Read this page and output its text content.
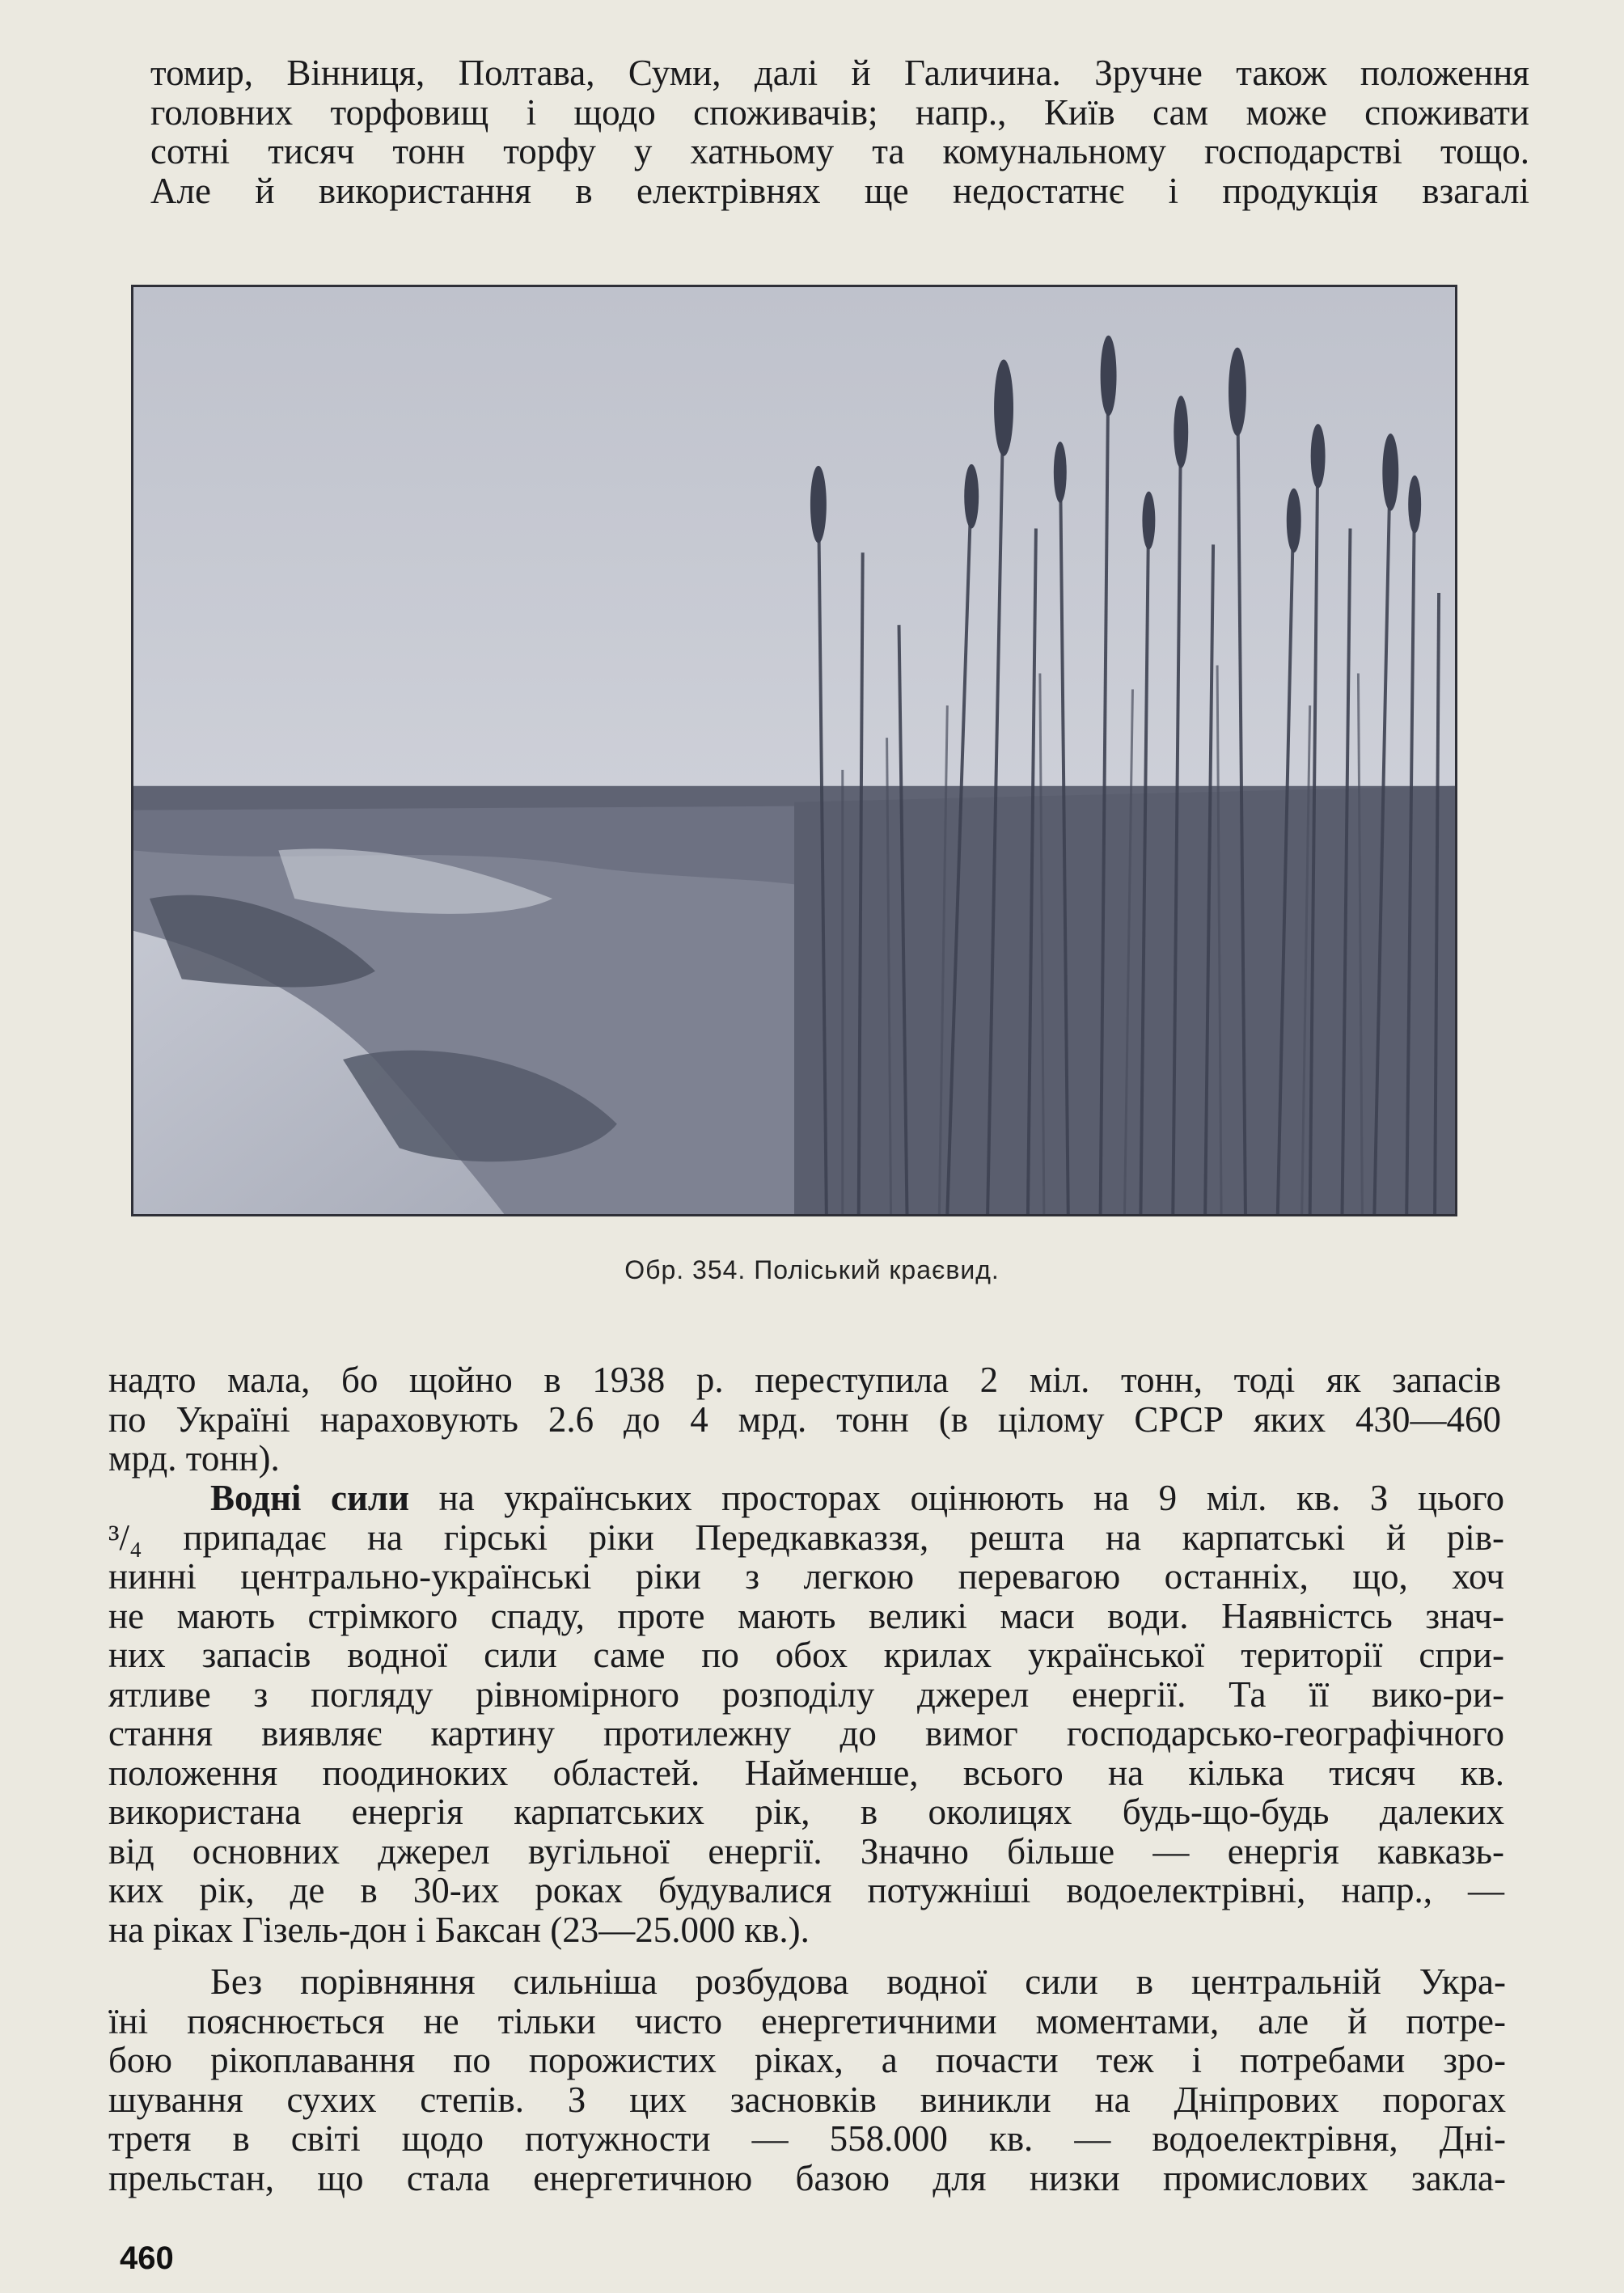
томир, Вінниця, Полтава, Суми, далі й Галичина. Зручне також положення
головних торфовищ і щодо споживачів; напр., Київ сам може споживати
сотні тисяч тонн торфу у хатньому та комунальному господарстві тощо.
Але й використання в електрівнях ще недостатнє і продукція взагалі
Обр. 354. Поліський краєвид.
надто мала, бо щойно в 1938 р. переступила 2 міл. тонн, тоді як запасів
по Україні нараховують 2.6 до 4 мрд. тонн (в цілому СРСР яких 430—460
мрд. тонн).
Водні сили на українських просторах оцінюють на 9 міл. кв. З цього
³/₄ припадає на гірські ріки Передкавказзя, решта на карпатські й рів-
нинні центрально-українські ріки з легкою перевагою останніх, що, хоч
не мають стрімкого спаду, проте мають великі маси води. Наявністсь знач-
них запасів водної сили саме по обох крилах української території спри-
ятливе з погляду рівномірного розподілу джерел енергії. Та її вико-ри-
стання виявляє картину протилежну до вимог господарсько-географічного
положення поодиноких областей. Найменше, всього на кілька тисяч кв.
використана енергія карпатських рік, в околицях будь-що-будь далеких
від основних джерел вугільної енергії. Значно більше — енергія кавказь-
ких рік, де в 30-их роках будувалися потужніші водоелектрівні, напр., —
на ріках Гізель-дон і Баксан (23—25.000 кв.).
Без порівняння сильніша розбудова водної сили в центральній Укра-
їні пояснюється не тільки чисто енергетичними моментами, але й потре-
бою рікоплавання по порожистих ріках, а почасти теж і потребами зро-
шування сухих степів. З цих засновків виникли на Дніпрових порогах
третя в світі щодо потужности — 558.000 кв. — водоелектрівня, Дні-
прельстан, що стала енергетичною базою для низки промислових закла-
460
